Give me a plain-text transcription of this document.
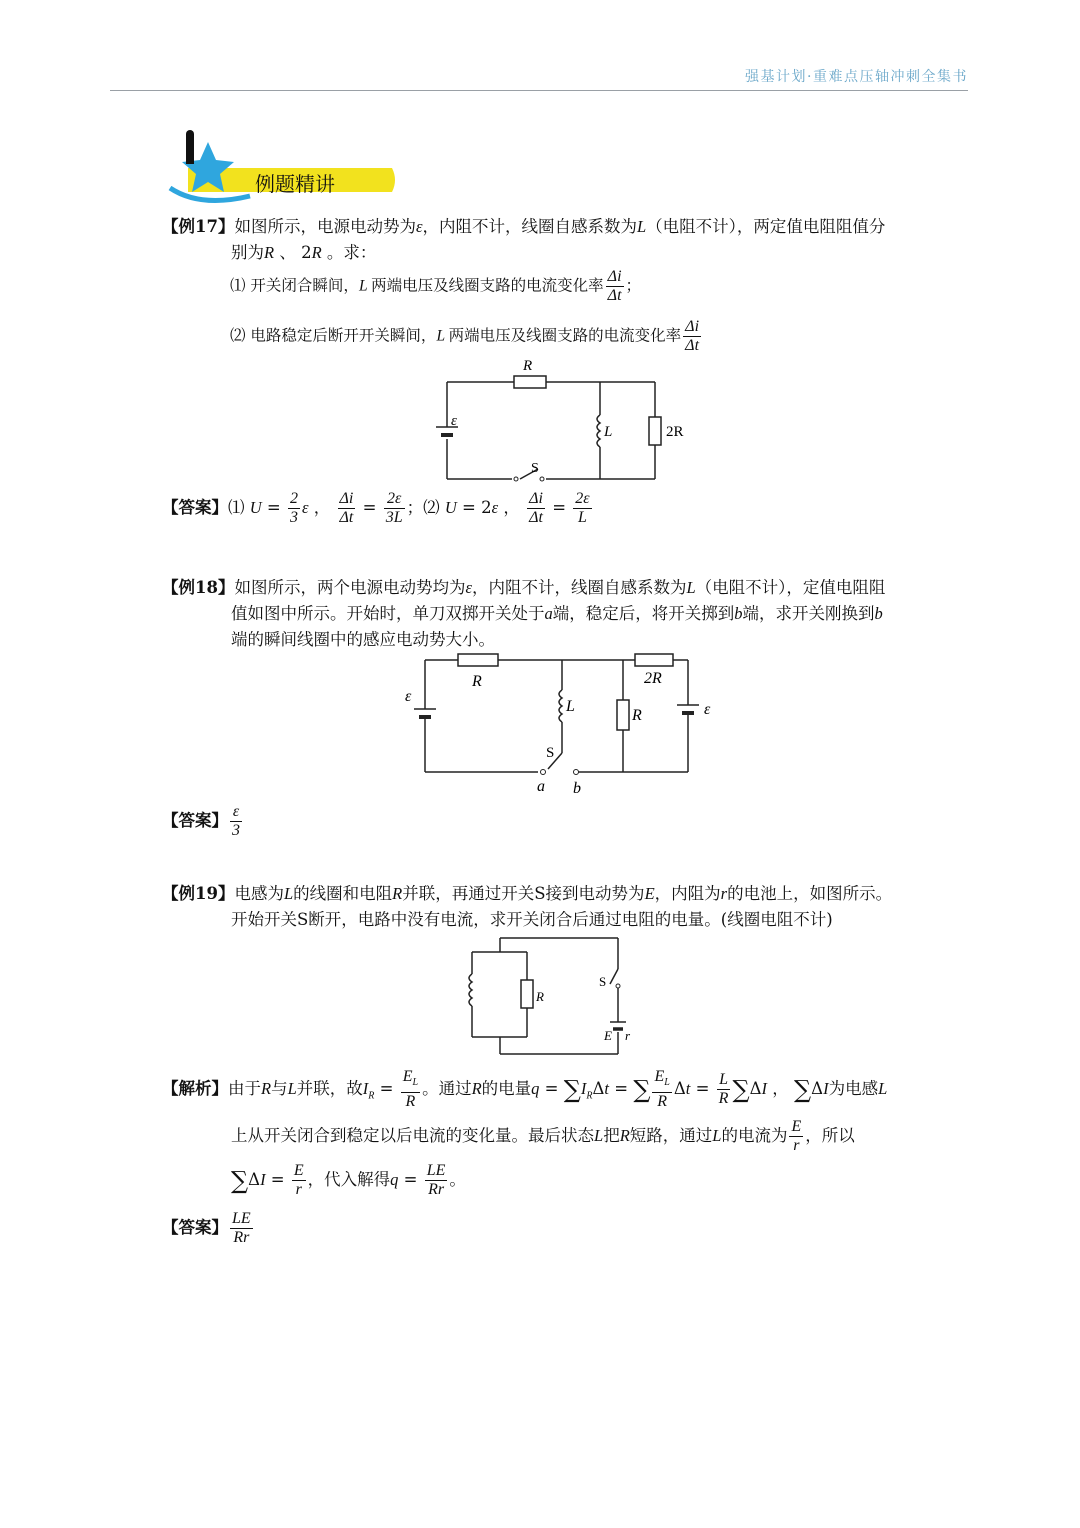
强基计划·重难点压轴冲刺全集书
例题精讲
【例17】如图所示，电源电动势为ε，内阻不计，线圈自感系数为L（电阻不计），两定值电阻阻值分
别为R 、 2R 。求：
⑴ 开关闭合瞬间，L 两端电压及线圈支路的电流变化率 $\frac{\Delta i}{\Delta t}$ ；
⑵ 电路稳定后断开开关瞬间，L 两端电压及线圈支路的电流变化率 $\frac{\Delta i}{\Delta t}$
R
ε
L	2R
S
【答案】⑴ $U = \frac{2}{3}$ ε ， $\frac{\Delta i}{\Delta t} = \frac{2\varepsilon}{3L}$ ；⑵ U = 2ε ， $\frac{\Delta i}{\Delta t} = \frac{2\varepsilon}{L}$
【例18】如图所示，两个电源电动势均为ε，内阻不计，线圈自感系数为L（电阻不计），定值电阻阻
值如图中所示。开始时，单刀双掷开关处于a端，稳定后，将开关掷到b端，求开关刚换到b
端的瞬间线圈中的感应电动势大小。
R	2R
L
R
ε
ε
S
a b
【答案】 $\frac{\varepsilon}{3}$
【例19】电感为L的线圈和电阻R并联，再通过开关S接到电动势为E，内阻为r的电池上，如图所示。
开始开关S断开，电路中没有电流，求开关闭合后通过电阻的电量。(线圈电阻不计)
R
S
E r
【解析】由于R与L并联，故$I_R = \frac{E_L}{R}$ 。通过R的电量$q = \sum I_R\Delta t$ = ∑ $\frac{E_L}{R}$ $\Delta t = \frac{L}{R} \sum\Delta I$ ， ∑ΔI为电感L
上从开关闭合到稳定以后电流的变化量。最后状态L把R短路，通过L的电流为 $\frac{E}{r}$ ，所以
$\sum\Delta I = \frac{E}{r}$ ，代入解得$q = \frac{LE}{Rr}$ 。
【答案】 $\frac{LE}{Rr}$
